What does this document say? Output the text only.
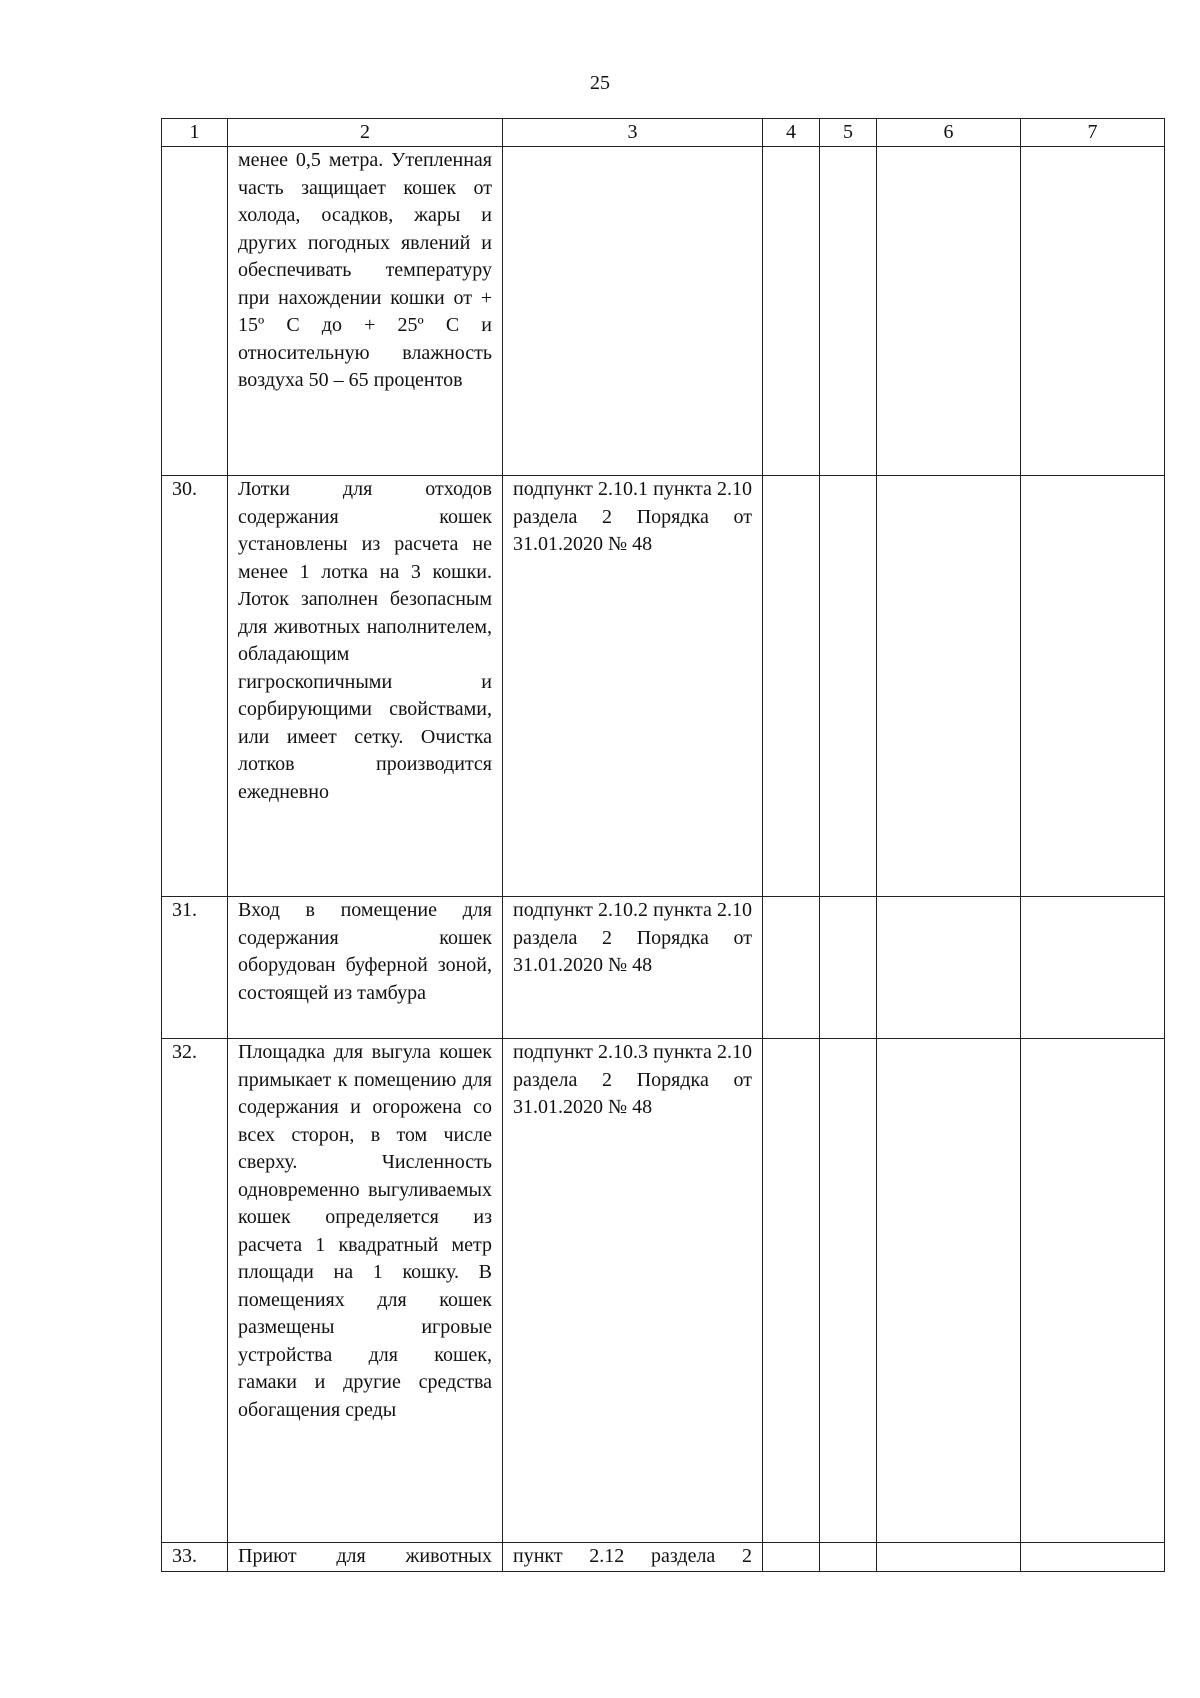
25
1	2	3	4	5	6	7
	менее 0,5 метра. Утепленная часть защищает кошек от холода, осадков, жары и других погодных явлений и обеспечивать температуру при нахождении кошки от + 15º С до + 25º С и относительную влажность воздуха 50 – 65 процентов					
30.	Лотки для отходов содержания кошек установлены из расчета не менее 1 лотка на 3 кошки. Лоток заполнен безопасным для животных наполнителем, обладающим гигроскопичными и сорбирующими свойствами, или имеет сетку. Очистка лотков производится ежедневно	подпункт 2.10.1 пункта 2.10 раздела 2 Порядка от 31.01.2020 № 48				
31.	Вход в помещение для содержания кошек оборудован буферной зоной, состоящей из тамбура	подпункт 2.10.2 пункта 2.10 раздела 2 Порядка от 31.01.2020 № 48				
32.	Площадка для выгула кошек примыкает к помещению для содержания и огорожена со всех сторон, в том числе сверху. Численность одновременно выгуливаемых кошек определяется из расчета 1 квадратный метр площади на 1 кошку. В помещениях для кошек размещены игровые устройства для кошек, гамаки и другие средства обогащения среды	подпункт 2.10.3 пункта 2.10 раздела 2 Порядка от 31.01.2020 № 48				
33.	Приют для животных	пункт 2.12 раздела 2				
